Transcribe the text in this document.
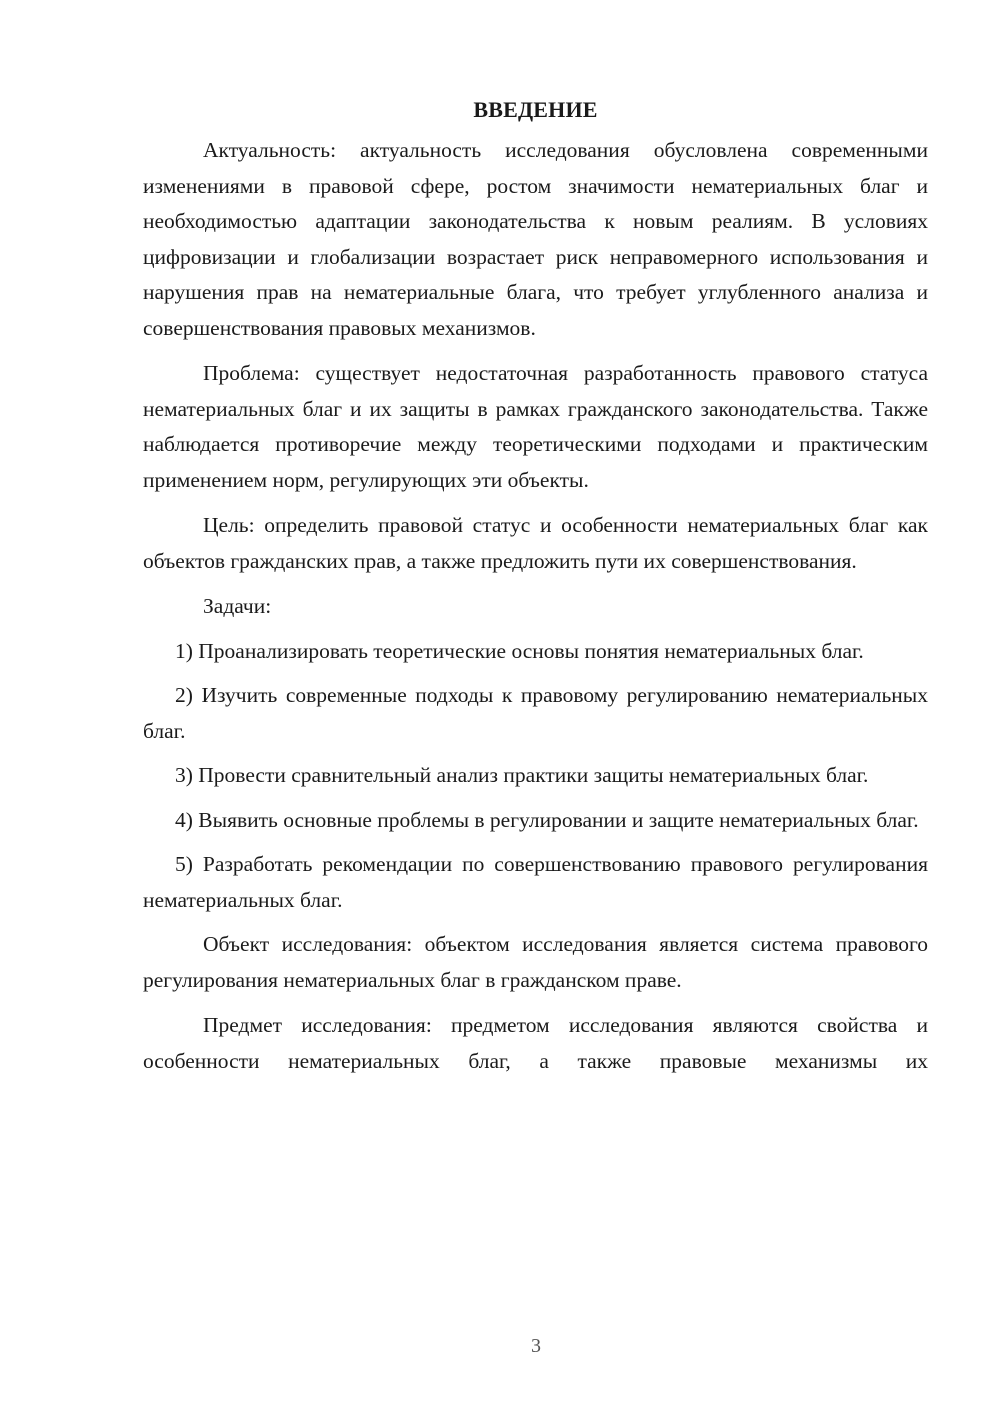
ВВЕДЕНИЕ

Актуальность: актуальность исследования обусловлена современными изменениями в правовой сфере, ростом значимости нематериальных благ и необходимостью адаптации законодательства к новым реалиям. В условиях цифровизации и глобализации возрастает риск неправомерного использования и нарушения прав на нематериальные блага, что требует углубленного анализа и совершенствования правовых механизмов.

Проблема: существует недостаточная разработанность правового статуса нематериальных благ и их защиты в рамках гражданского законодательства. Также наблюдается противоречие между теоретическими подходами и практическим применением норм, регулирующих эти объекты.

Цель: определить правовой статус и особенности нематериальных благ как объектов гражданских прав, а также предложить пути их совершенствования.

Задачи:

1) Проанализировать теоретические основы понятия нематериальных благ.

2) Изучить современные подходы к правовому регулированию нематериальных благ.

3) Провести сравнительный анализ практики защиты нематериальных благ.

4) Выявить основные проблемы в регулировании и защите нематериальных благ.

5) Разработать рекомендации по совершенствованию правового регулирования нематериальных благ.

Объект исследования: объектом исследования является система правового регулирования нематериальных благ в гражданском праве.

Предмет исследования: предметом исследования являются свойства и особенности нематериальных благ, а также правовые механизмы их

3
